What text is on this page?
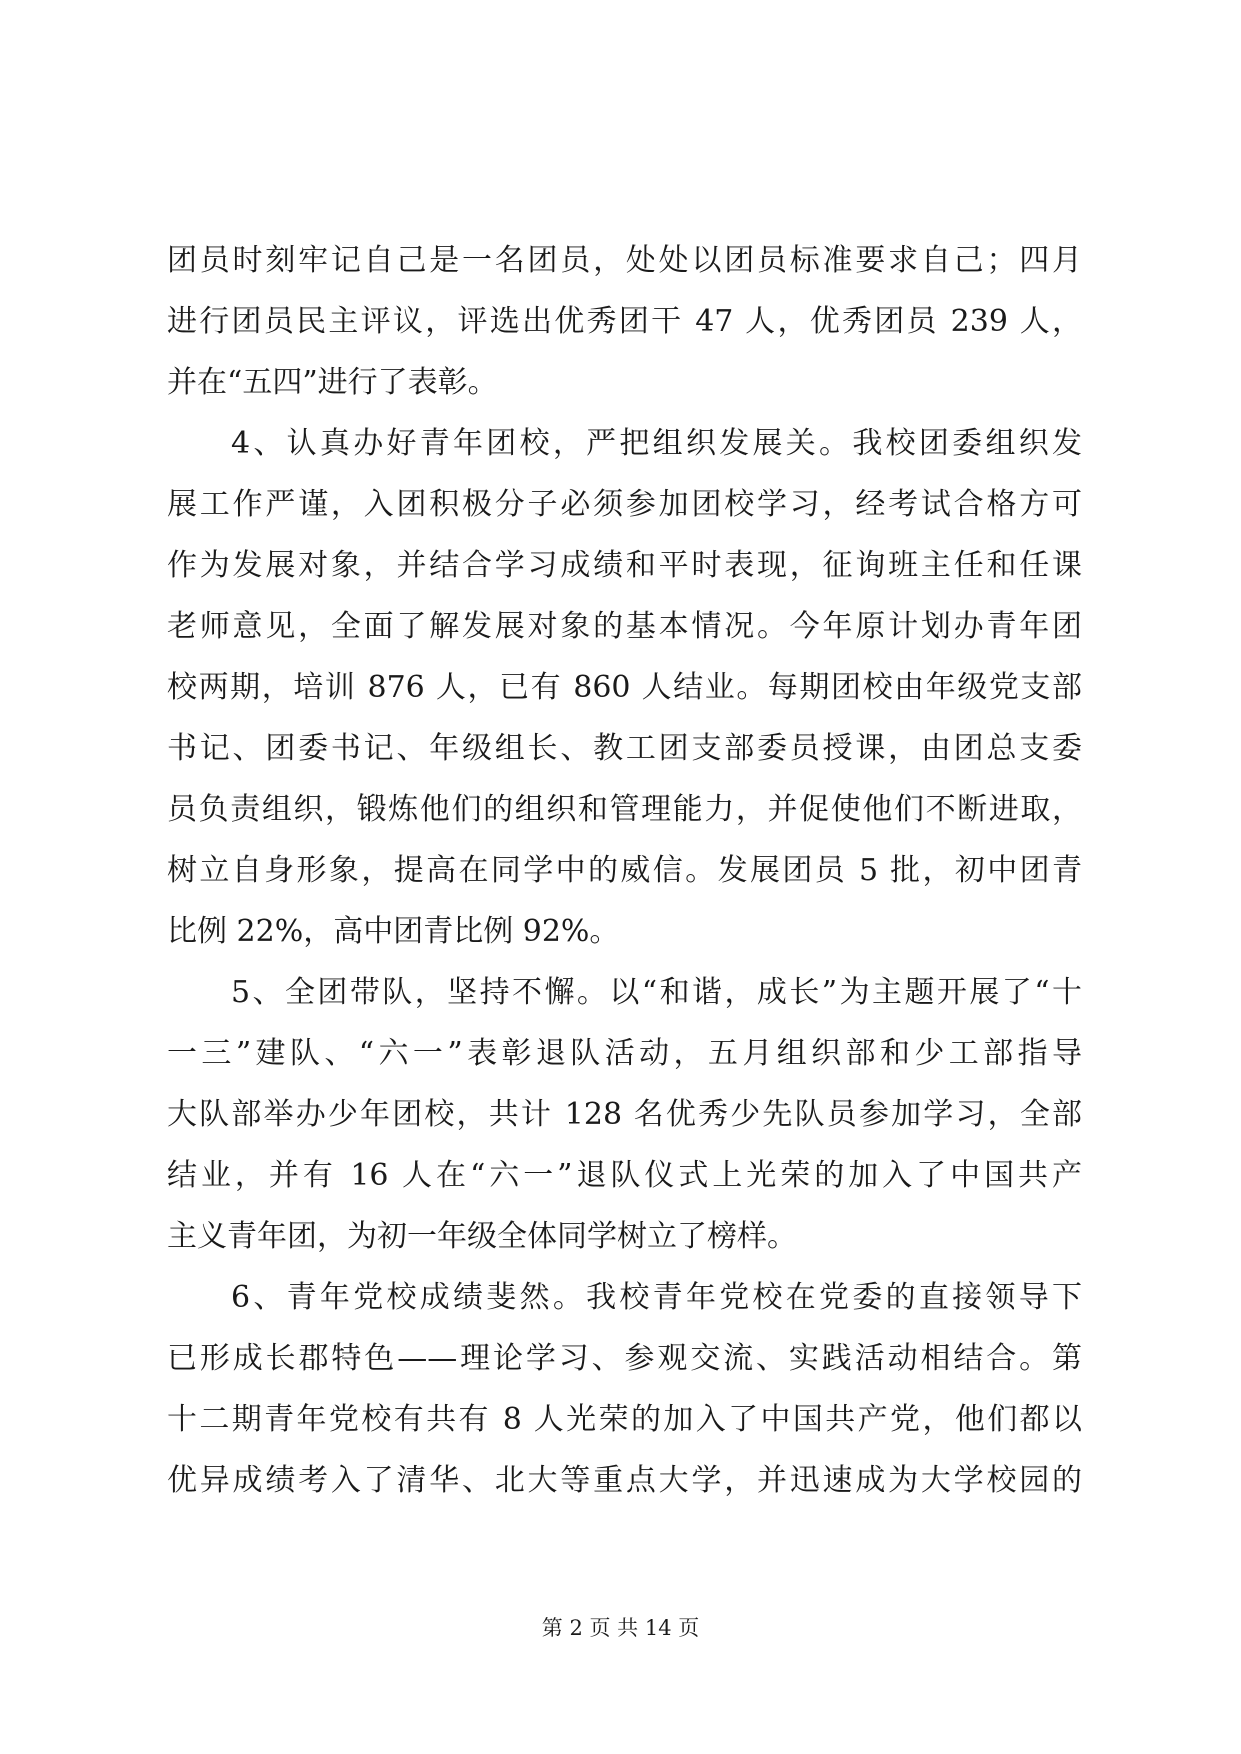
团员时刻牢记自己是一名团员，处处以团员标准要求自己；四月
进行团员民主评议，评选出优秀团干 47 人，优秀团员 239 人，
并在“五四”进行了表彰。
4、认真办好青年团校，严把组织发展关。我校团委组织发
展工作严谨，入团积极分子必须参加团校学习，经考试合格方可
作为发展对象，并结合学习成绩和平时表现，征询班主任和任课
老师意见，全面了解发展对象的基本情况。今年原计划办青年团
校两期，培训 876 人，已有 860 人结业。每期团校由年级党支部
书记、团委书记、年级组长、教工团支部委员授课，由团总支委
员负责组织，锻炼他们的组织和管理能力，并促使他们不断进取，
树立自身形象，提高在同学中的威信。发展团员 5 批，初中团青
比例 22%，高中团青比例 92%。
5、全团带队，坚持不懈。以“和谐，成长”为主题开展了“十
一三”建队、“六一”表彰退队活动，五月组织部和少工部指导
大队部举办少年团校，共计 128 名优秀少先队员参加学习，全部
结业，并有 16 人在“六一”退队仪式上光荣的加入了中国共产
主义青年团，为初一年级全体同学树立了榜样。
6、青年党校成绩斐然。我校青年党校在党委的直接领导下
已形成长郡特色——理论学习、参观交流、实践活动相结合。第
十二期青年党校有共有 8 人光荣的加入了中国共产党，他们都以
优异成绩考入了清华、北大等重点大学，并迅速成为大学校园的
第 2 页 共 14 页
